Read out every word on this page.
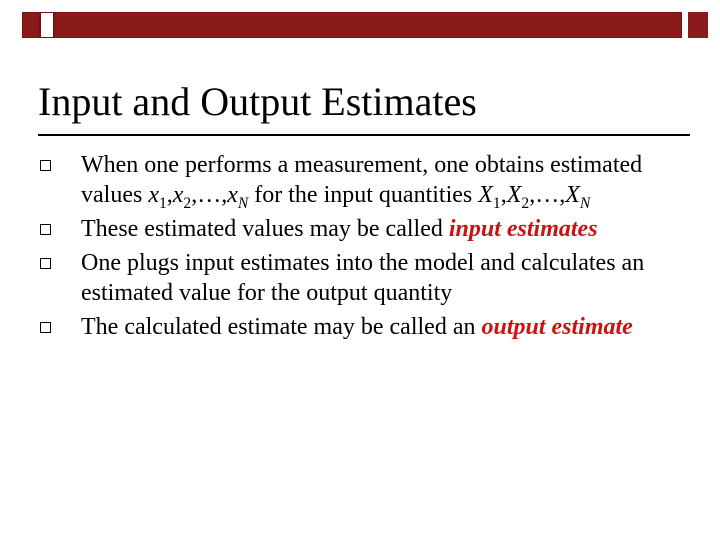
Input and Output Estimates
When one performs a measurement, one obtains estimated values $x_1,x_2,\dots,x_N$ for the input quantities $X_1,X_2,\dots,X_N$
These estimated values may be called input estimates
One plugs input estimates into the model and calculates an estimated value for the output quantity
The calculated estimate may be called an output estimate
